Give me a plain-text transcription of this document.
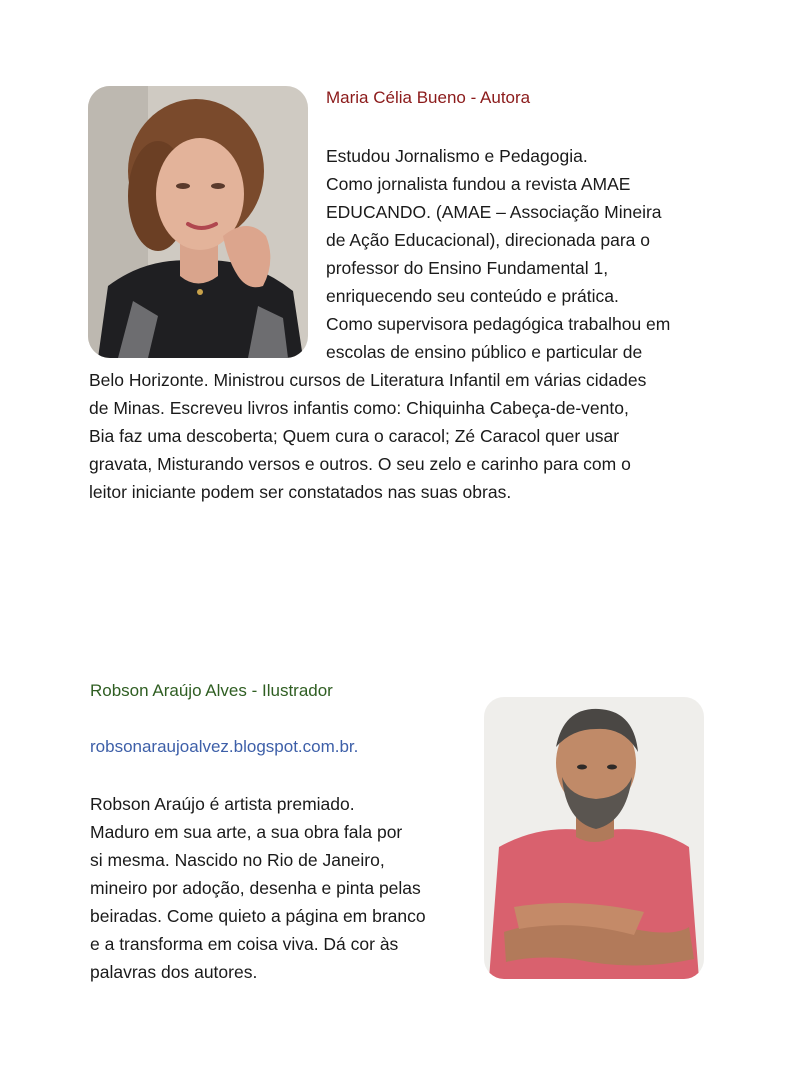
Maria Célia Bueno - Autora
Estudou Jornalismo e Pedagogia.
Como jornalista fundou a revista AMAE
EDUCANDO. (AMAE – Associação Mineira
de Ação Educacional), direcionada para o
professor do Ensino Fundamental 1,
enriquecendo seu conteúdo e prática.
Como supervisora pedagógica trabalhou em
escolas de ensino público e particular de
Belo Horizonte. Ministrou cursos de Literatura Infantil em várias cidades
de Minas. Escreveu livros infantis como: Chiquinha Cabeça-de-vento,
Bia faz uma descoberta; Quem cura o caracol; Zé Caracol quer usar
gravata, Misturando versos e outros. O seu zelo e carinho para com o
leitor iniciante podem ser constatados nas suas obras.
Robson Araújo Alves - Ilustrador
robsonaraujoalvez.blogspot.com.br.
Robson Araújo é artista premiado.
Maduro em sua arte, a sua obra fala por
si mesma. Nascido no Rio de Janeiro,
mineiro por adoção, desenha e pinta pelas
beiradas. Come quieto a página em branco
e a transforma em coisa viva. Dá cor às
palavras dos autores.
